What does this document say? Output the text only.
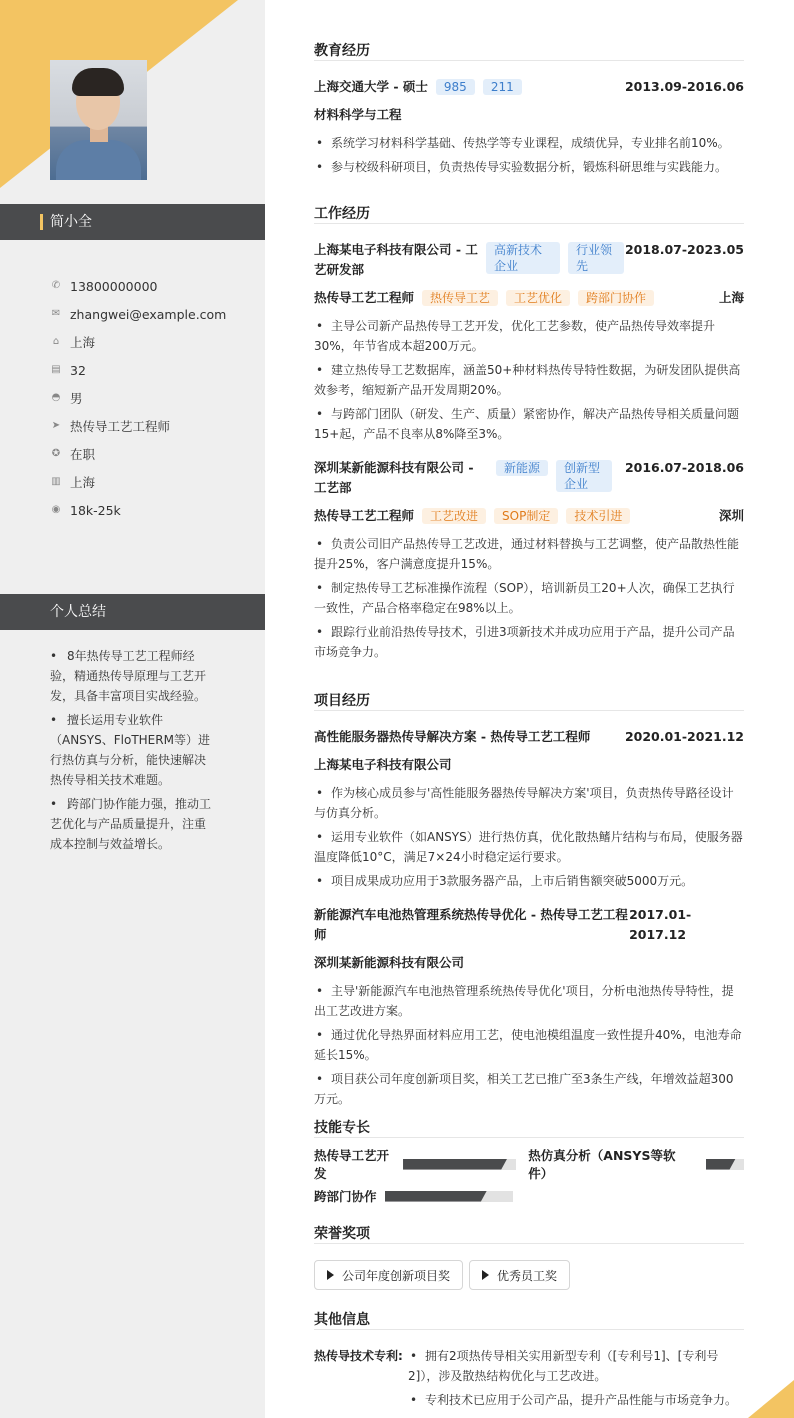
简小全
✆ 13800000000
✉ zhangwei@example.com
⌂ 上海
▤ 32
◓ 男
➤ 热传导工艺工程师
✪ 在职
▥ 上海
◉ 18k-25k
个人总结
• 8年热传导工艺工程师经验，精通热传导原理与工艺开发，具备丰富项目实战经验。
• 擅长运用专业软件（ANSYS、FloTHERM等）进行热仿真与分析，能快速解决热传导相关技术难题。
• 跨部门协作能力强，推动工艺优化与产品质量提升，注重成本控制与效益增长。
教育经历
上海交通大学 - 硕士	985	211	2013.09-2016.06
材料科学与工程
• 系统学习材料科学基础、传热学等专业课程，成绩优异，专业排名前10%。
• 参与校级科研项目，负责热传导实验数据分析，锻炼科研思维与实践能力。
工作经历
上海某电子科技有限公司 - 工艺研发部
高新技术企业
行业领先
2018.07-2023.05
热传导工艺工程师	热传导工艺	工艺优化	跨部门协作	上海
• 主导公司新产品热传导工艺开发，优化工艺参数，使产品热传导效率提升30%，年节省成本超200万元。
• 建立热传导工艺数据库，涵盖50+种材料热传导特性数据，为研发团队提供高效参考，缩短新产品开发周期20%。
• 与跨部门团队（研发、生产、质量）紧密协作，解决产品热传导相关质量问题15+起，产品不良率从8%降至3%。
深圳某新能源科技有限公司 - 工艺部
新能源	创新型企业
2016.07-2018.06
热传导工艺工程师	工艺改进	SOP制定	技术引进	深圳
• 负责公司旧产品热传导工艺改进，通过材料替换与工艺调整，使产品散热性能提升25%，客户满意度提升15%。
• 制定热传导工艺标准操作流程（SOP），培训新员工20+人次，确保工艺执行一致性，产品合格率稳定在98%以上。
• 跟踪行业前沿热传导技术，引进3项新技术并成功应用于产品，提升公司产品市场竞争力。
项目经历
高性能服务器热传导解决方案 - 热传导工艺工程师	2020.01-2021.12
上海某电子科技有限公司
• 作为核心成员参与'高性能服务器热传导解决方案'项目，负责热传导路径设计与仿真分析。
• 运用专业软件（如ANSYS）进行热仿真，优化散热鳍片结构与布局，使服务器温度降低10°C，满足7×24小时稳定运行要求。
• 项目成果成功应用于3款服务器产品，上市后销售额突破5000万元。
新能源汽车电池热管理系统热传导优化 - 热传导工艺工程师
2017.01-2017.12
深圳某新能源科技有限公司
• 主导'新能源汽车电池热管理系统热传导优化'项目，分析电池热传导特性，提出工艺改进方案。
• 通过优化导热界面材料应用工艺，使电池模组温度一致性提升40%，电池寿命延长15%。
• 项目获公司年度创新项目奖，相关工艺已推广至3条生产线，年增效益超300万元。
技能专长
热传导工艺开发
热仿真分析（ANSYS等软件）
跨部门协作
荣誉奖项
公司年度创新项目奖	优秀员工奖
其他信息
热传导技术专利: • 拥有2项热传导相关实用新型专利（[专利号1]、[专利号2]），涉及散热结构优化与工艺改进。
• 专利技术已应用于公司产品，提升产品性能与市场竞争力。
